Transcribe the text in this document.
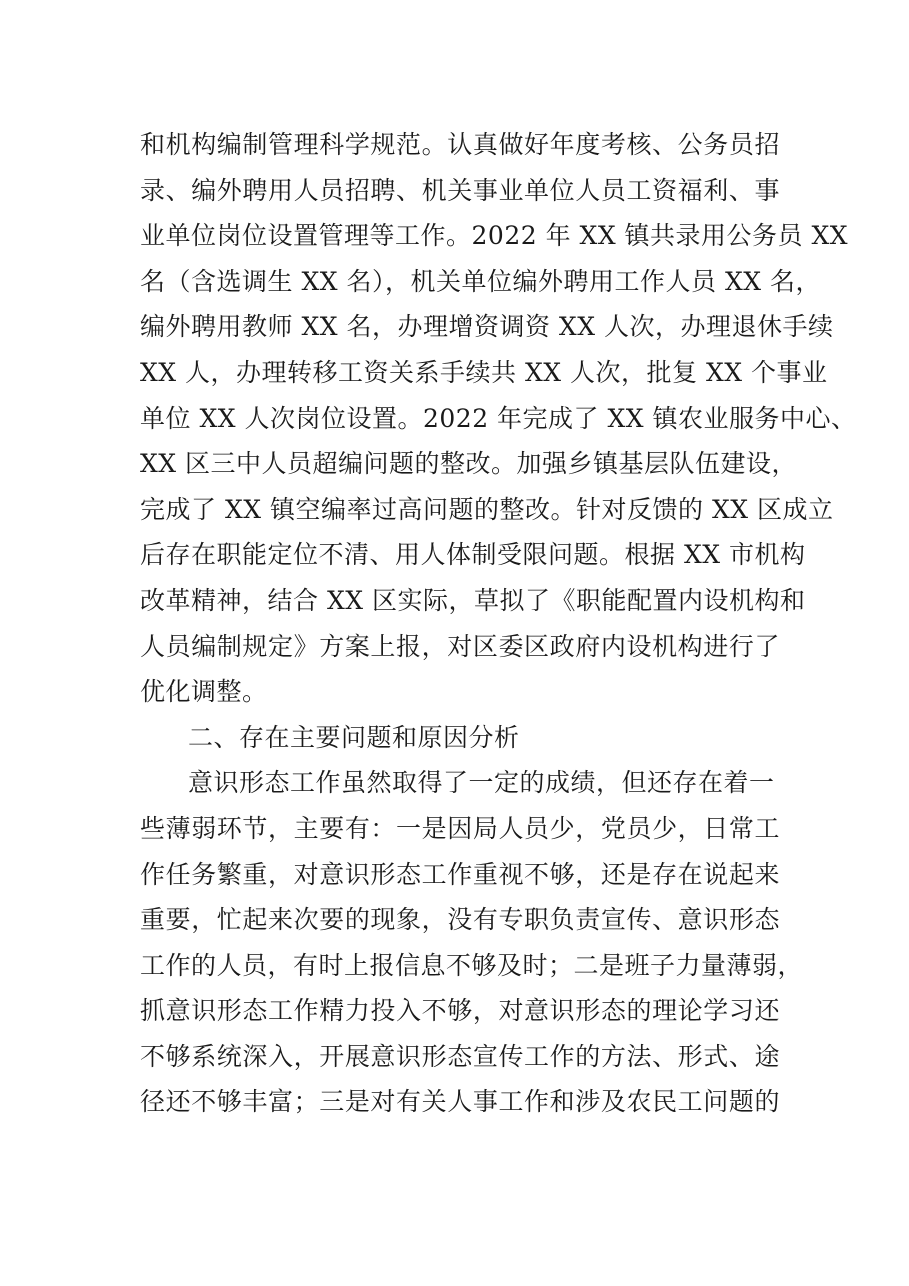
和机构编制管理科学规范。认真做好年度考核、公务员招
录、编外聘用人员招聘、机关事业单位人员工资福利、事
业单位岗位设置管理等工作。2022 年 XX 镇共录用公务员 XX
名（含选调生 XX 名），机关单位编外聘用工作人员 XX 名，
编外聘用教师 XX 名，办理增资调资 XX 人次，办理退休手续
XX 人，办理转移工资关系手续共 XX 人次，批复 XX 个事业
单位 XX 人次岗位设置。2022 年完成了 XX 镇农业服务中心、
XX 区三中人员超编问题的整改。加强乡镇基层队伍建设，
完成了 XX 镇空编率过高问题的整改。针对反馈的 XX 区成立
后存在职能定位不清、用人体制受限问题。根据 XX 市机构
改革精神，结合 XX 区实际，草拟了《职能配置内设机构和
人员编制规定》方案上报，对区委区政府内设机构进行了
优化调整。
二、存在主要问题和原因分析
意识形态工作虽然取得了一定的成绩，但还存在着一
些薄弱环节，主要有：一是因局人员少，党员少，日常工
作任务繁重，对意识形态工作重视不够，还是存在说起来
重要，忙起来次要的现象，没有专职负责宣传、意识形态
工作的人员，有时上报信息不够及时；二是班子力量薄弱，
抓意识形态工作精力投入不够，对意识形态的理论学习还
不够系统深入，开展意识形态宣传工作的方法、形式、途
径还不够丰富；三是对有关人事工作和涉及农民工问题的
